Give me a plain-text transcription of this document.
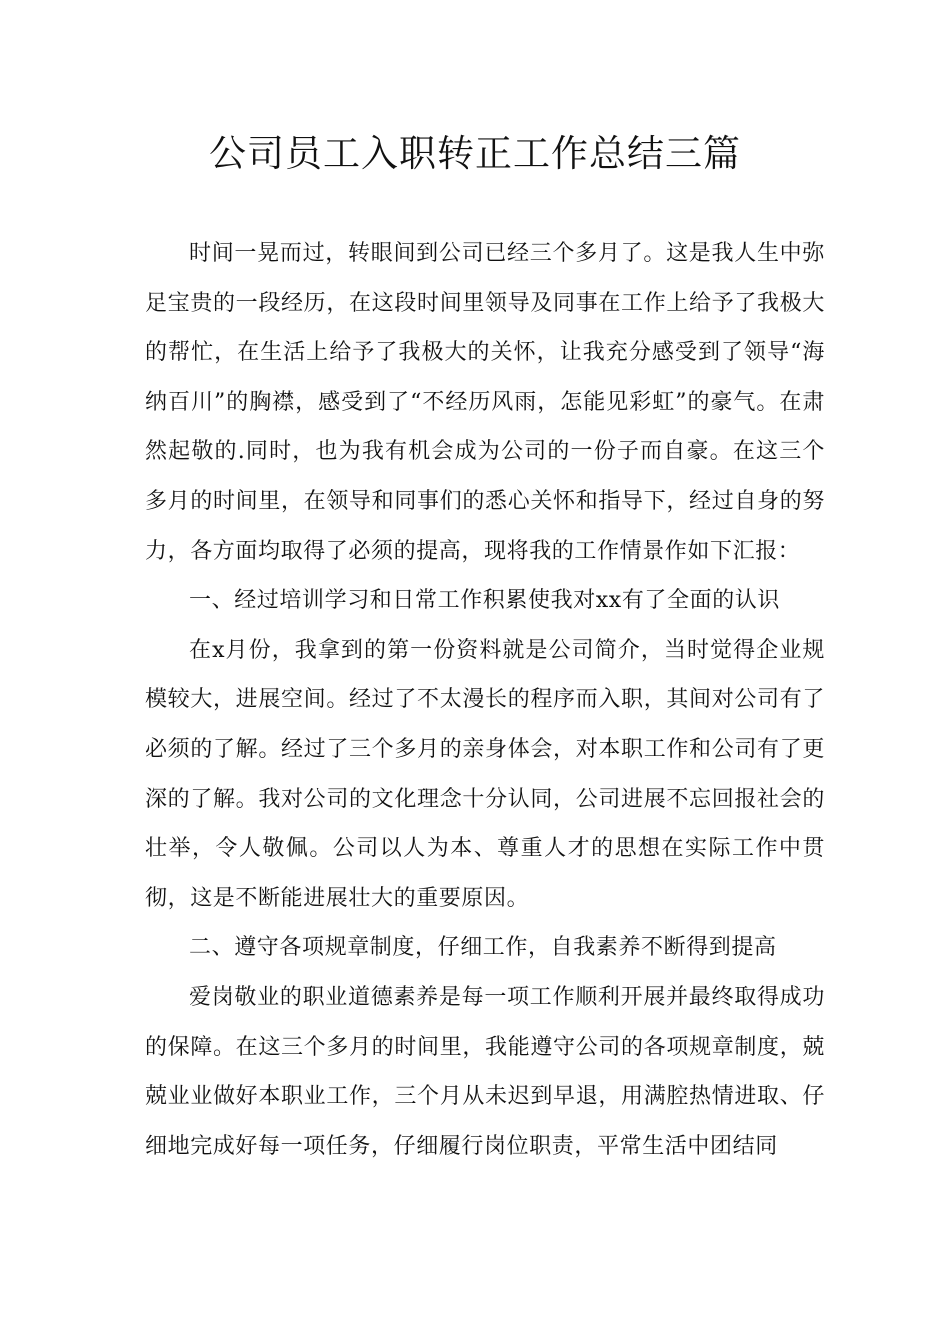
公司员工入职转正工作总结三篇

时间一晃而过，转眼间到公司已经三个多月了。这是我人生中弥足宝贵的一段经历，在这段时间里领导及同事在工作上给予了我极大的帮忙，在生活上给予了我极大的关怀，让我充分感受到了领导“海纳百川”的胸襟，感受到了“不经历风雨，怎能见彩虹”的豪气。在肃然起敬的.同时，也为我有机会成为公司的一份子而自豪。在这三个多月的时间里，在领导和同事们的悉心关怀和指导下，经过自身的努力，各方面均取得了必须的提高，现将我的工作情景作如下汇报：

一、经过培训学习和日常工作积累使我对xx有了全面的认识

在x月份，我拿到的第一份资料就是公司简介，当时觉得企业规模较大，进展空间。经过了不太漫长的程序而入职，其间对公司有了必须的了解。经过了三个多月的亲身体会，对本职工作和公司有了更深的了解。我对公司的文化理念十分认同，公司进展不忘回报社会的壮举，令人敬佩。公司以人为本、尊重人才的思想在实际工作中贯彻，这是不断能进展壮大的重要原因。

二、遵守各项规章制度，仔细工作，自我素养不断得到提高

爱岗敬业的职业道德素养是每一项工作顺利开展并最终取得成功的保障。在这三个多月的时间里，我能遵守公司的各项规章制度，兢兢业业做好本职业工作，三个月从未迟到早退，用满腔热情进取、仔细地完成好每一项任务，仔细履行岗位职责，平常生活中团结同
